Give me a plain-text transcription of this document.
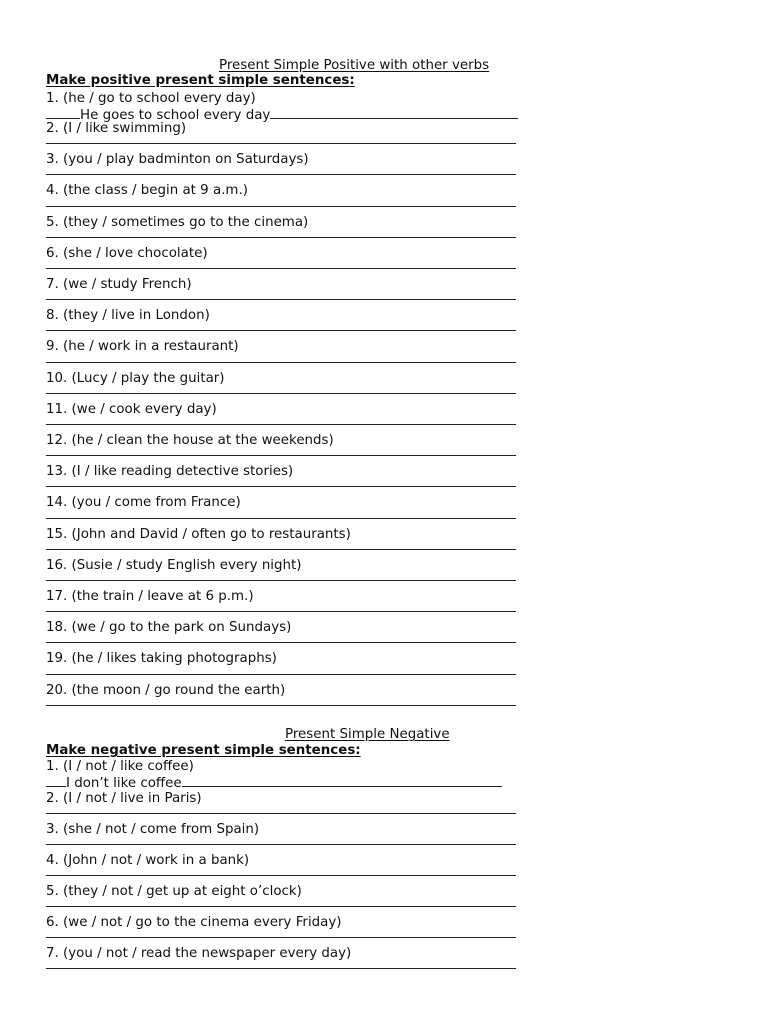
Present Simple Positive with other verbs
Make positive present simple sentences:
1. (he / go to school every day)
He goes to school every day
2. (I / like swimming)
3. (you / play badminton on Saturdays)
4. (the class / begin at 9 a.m.)
5. (they / sometimes go to the cinema)
6. (she / love chocolate)
7. (we / study French)
8. (they / live in London)
9. (he / work in a restaurant)
10. (Lucy / play the guitar)
11. (we / cook every day)
12. (he / clean the house at the weekends)
13. (I / like reading detective stories)
14. (you / come from France)
15. (John and David / often go to restaurants)
16. (Susie / study English every night)
17. (the train / leave at 6 p.m.)
18. (we / go to the park on Sundays)
19. (he / likes taking photographs)
20. (the moon / go round the earth)
Present Simple Negative
Make negative present simple sentences:
1. (I / not / like coffee)
I don’t like coffee
2. (I / not / live in Paris)
3. (she / not / come from Spain)
4. (John / not / work in a bank)
5. (they / not / get up at eight o’clock)
6. (we / not / go to the cinema every Friday)
7. (you / not / read the newspaper every day)
